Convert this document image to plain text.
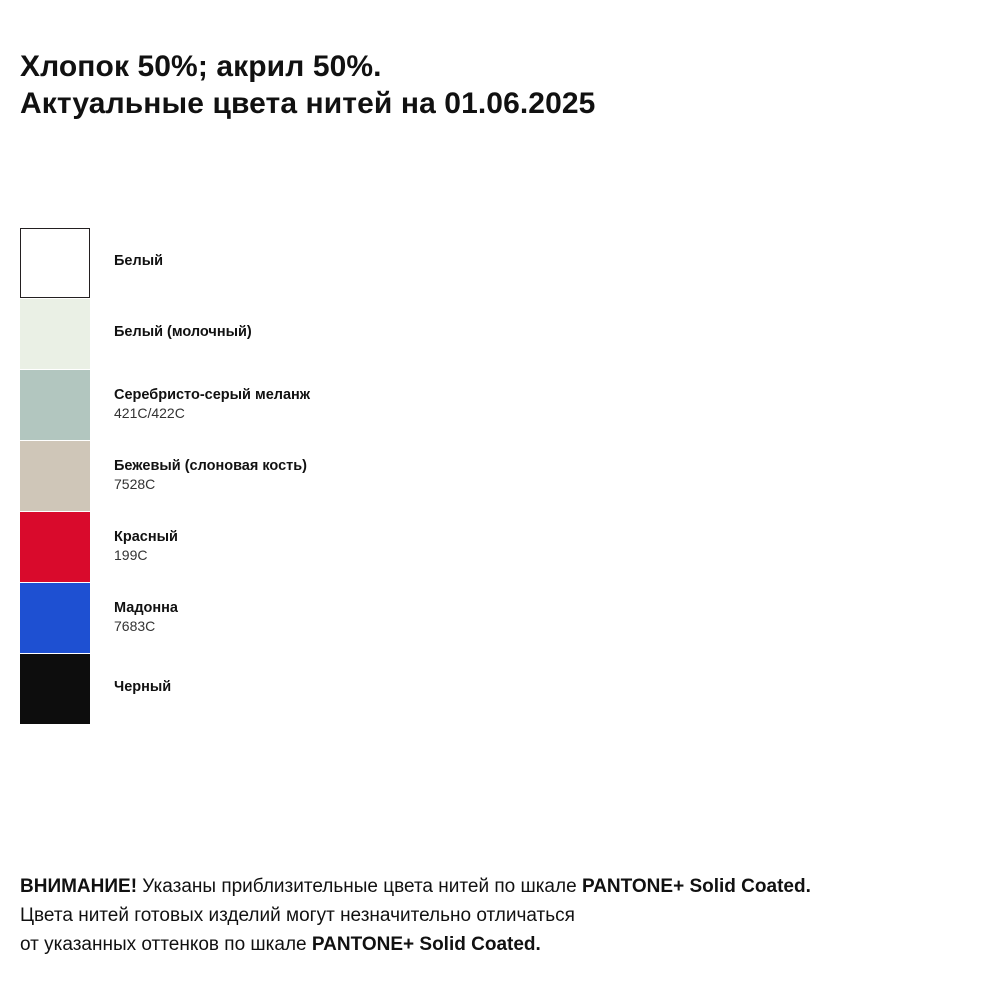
Хлопок 50%; акрил 50%.
Актуальные цвета нитей на 01.06.2025
Белый
Белый (молочный)
Серебристо-серый меланж
421C/422C
Бежевый (слоновая кость)
7528C
Красный
199C
Мадонна
7683C
Черный
ВНИМАНИЕ! Указаны приблизительные цвета нитей по шкале PANTONE+ Solid Coated.
Цвета нитей готовых изделий могут незначительно отличаться
от указанных оттенков по шкале PANTONE+ Solid Coated.
